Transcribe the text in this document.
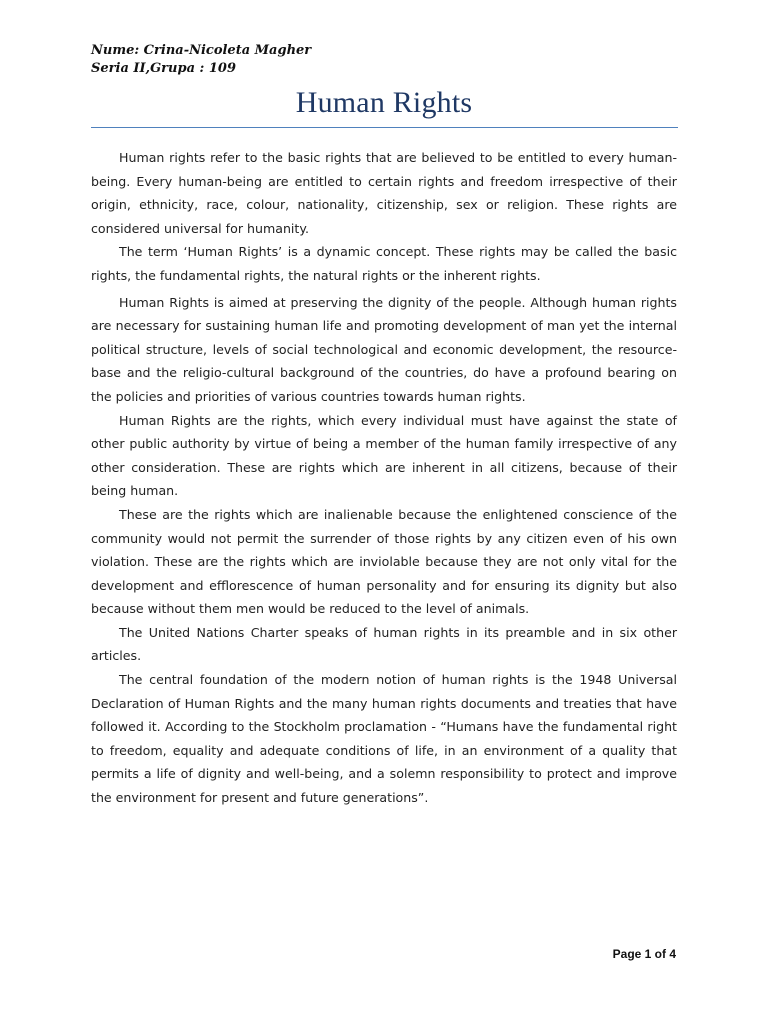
Nume: Crina-Nicoleta Magher
Seria II,Grupa : 109
Human Rights

Human rights refer to the basic rights that are believed to be entitled to every human-being. Every human-being are entitled to certain rights and freedom irrespective of their origin, ethnicity, race, colour, nationality, citizenship, sex or religion. These rights are considered universal for humanity.

The term ‘Human Rights’ is a dynamic concept. These rights may be called the basic rights, the fundamental rights, the natural rights or the inherent rights.

Human Rights is aimed at preserving the dignity of the people. Although human rights are necessary for sustaining human life and promoting development of man yet the internal political structure, levels of social technological and economic development, the resource-base and the religio-cultural background of the countries, do have a profound bearing on the policies and priorities of various countries towards human rights.

Human Rights are the rights, which every individual must have against the state of other public authority by virtue of being a member of the human family irrespective of any other consideration. These are rights which are inherent in all citizens, because of their being human.

These are the rights which are inalienable because the enlightened conscience of the community would not permit the surrender of those rights by any citizen even of his own violation. These are the rights which are inviolable because they are not only vital for the development and efflorescence of human personality and for ensuring its dignity but also because without them men would be reduced to the level of animals.

The United Nations Charter speaks of human rights in its preamble and in six other articles.

The central foundation of the modern notion of human rights is the 1948 Universal Declaration of Human Rights and the many human rights documents and treaties that have followed it. According to the Stockholm proclamation - “Humans have the fundamental right to freedom, equality and adequate conditions of life, in an environment of a quality that permits a life of dignity and well-being, and a solemn responsibility to protect and improve the environment for present and future generations”.

Page 1 of 4
